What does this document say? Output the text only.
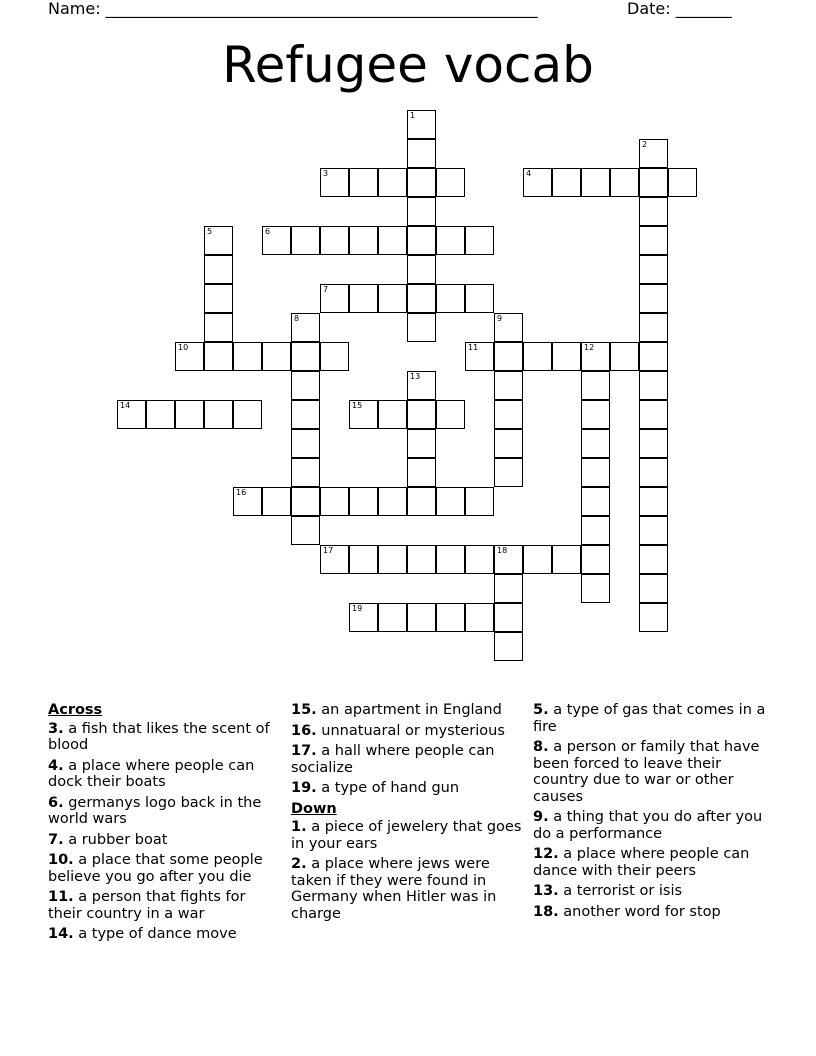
Name: ______________________________________________________	Date: _______
Refugee vocab
3	4
6
7
10	11	12
14	15
16
17	18
19
1
2
5
8	9
13
Across
3. a fish that likes the scent of blood
4. a place where people can dock their boats
6. germanys logo back in the world wars
7. a rubber boat
10. a place that some people believe you go after you die
11. a person that fights for their country in a war
14. a type of dance move
15. an apartment in England
16. unnatuaral or mysterious
17. a hall where people can socialize
19. a type of hand gun
Down
1. a piece of jewelery that goes in your ears
2. a place where jews were taken if they were found in Germany when Hitler was in charge
5. a type of gas that comes in a fire
8. a person or family that have been forced to leave their country due to war or other causes
9. a thing that you do after you do a performance
12. a place where people can dance with their peers
13. a terrorist or isis
18. another word for stop
